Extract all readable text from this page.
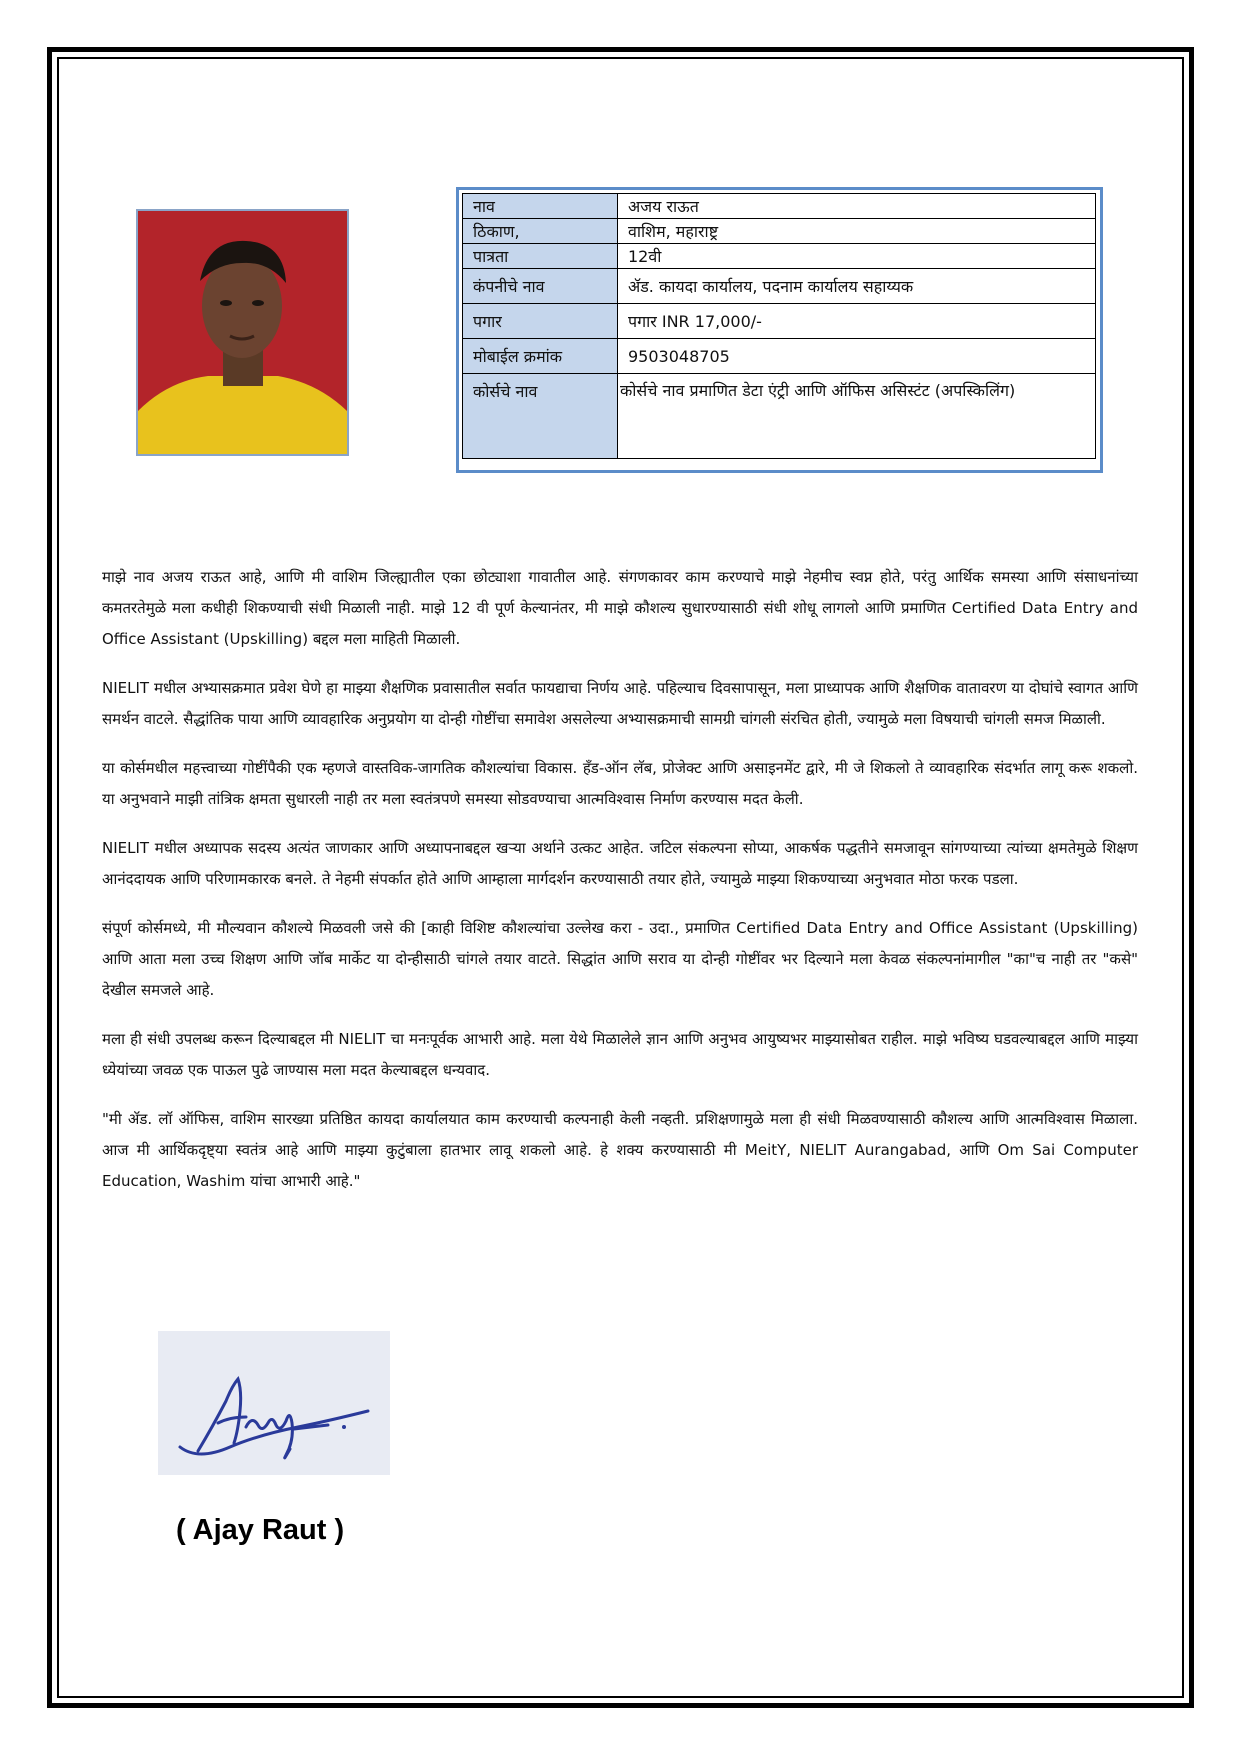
नाव	अजय राऊत
ठिकाण,	वाशिम, महाराष्ट्र
पात्रता	12वी
कंपनीचे नाव	ॲड. कायदा कार्यालय, पदनाम कार्यालय सहाय्यक
पगार	पगार INR 17,000/-
मोबाईल क्रमांक	9503048705
कोर्सचे नाव	कोर्सचे नाव प्रमाणित डेटा एंट्री आणि ऑफिस असिस्टंट (अपस्किलिंग)

माझे नाव अजय राऊत आहे, आणि मी वाशिम जिल्ह्यातील एका छोट्याशा गावातील आहे. संगणकावर काम करण्याचे माझे नेहमीच स्वप्न होते, परंतु आर्थिक समस्या आणि संसाधनांच्या कमतरतेमुळे मला कधीही शिकण्याची संधी मिळाली नाही. माझे 12 वी पूर्ण केल्यानंतर, मी माझे कौशल्य सुधारण्यासाठी संधी शोधू लागलो आणि प्रमाणित Certified Data Entry and Office Assistant (Upskilling) बद्दल मला माहिती मिळाली.

NIELIT मधील अभ्यासक्रमात प्रवेश घेणे हा माझ्या शैक्षणिक प्रवासातील सर्वात फायद्याचा निर्णय आहे. पहिल्याच दिवसापासून, मला प्राध्यापक आणि शैक्षणिक वातावरण या दोघांचे स्वागत आणि समर्थन वाटले. सैद्धांतिक पाया आणि व्यावहारिक अनुप्रयोग या दोन्ही गोष्टींचा समावेश असलेल्या अभ्यासक्रमाची सामग्री चांगली संरचित होती, ज्यामुळे मला विषयाची चांगली समज मिळाली.

या कोर्समधील महत्त्वाच्या गोष्टींपैकी एक म्हणजे वास्तविक-जागतिक कौशल्यांचा विकास. हँड-ऑन लॅब, प्रोजेक्ट आणि असाइनमेंट द्वारे, मी जे शिकलो ते व्यावहारिक संदर्भात लागू करू शकलो. या अनुभवाने माझी तांत्रिक क्षमता सुधारली नाही तर मला स्वतंत्रपणे समस्या सोडवण्याचा आत्मविश्वास निर्माण करण्यास मदत केली.

NIELIT मधील अध्यापक सदस्य अत्यंत जाणकार आणि अध्यापनाबद्दल खऱ्या अर्थाने उत्कट आहेत. जटिल संकल्पना सोप्या, आकर्षक पद्धतीने समजावून सांगण्याच्या त्यांच्या क्षमतेमुळे शिक्षण आनंददायक आणि परिणामकारक बनले. ते नेहमी संपर्कात होते आणि आम्हाला मार्गदर्शन करण्यासाठी तयार होते, ज्यामुळे माझ्या शिकण्याच्या अनुभवात मोठा फरक पडला.

संपूर्ण कोर्समध्ये, मी मौल्यवान कौशल्ये मिळवली जसे की [काही विशिष्ट कौशल्यांचा उल्लेख करा - उदा., प्रमाणित Certified Data Entry and Office Assistant (Upskilling) आणि आता मला उच्च शिक्षण आणि जॉब मार्केट या दोन्हीसाठी चांगले तयार वाटते. सिद्धांत आणि सराव या दोन्ही गोष्टींवर भर दिल्याने मला केवळ संकल्पनांमागील "का"च नाही तर "कसे" देखील समजले आहे.

मला ही संधी उपलब्ध करून दिल्याबद्दल मी NIELIT चा मनःपूर्वक आभारी आहे. मला येथे मिळालेले ज्ञान आणि अनुभव आयुष्यभर माझ्यासोबत राहील. माझे भविष्य घडवल्याबद्दल आणि माझ्या ध्येयांच्या जवळ एक पाऊल पुढे जाण्यास मला मदत केल्याबद्दल धन्यवाद.

"मी ॲड. लॉ ऑफिस, वाशिम सारख्या प्रतिष्ठित कायदा कार्यालयात काम करण्याची कल्पनाही केली नव्हती. प्रशिक्षणामुळे मला ही संधी मिळवण्यासाठी कौशल्य आणि आत्मविश्वास मिळाला. आज मी आर्थिकदृष्ट्या स्वतंत्र आहे आणि माझ्या कुटुंबाला हातभार लावू शकलो आहे. हे शक्य करण्यासाठी मी MeitY, NIELIT Aurangabad, आणि Om Sai Computer Education, Washim यांचा आभारी आहे."

( Ajay Raut )
